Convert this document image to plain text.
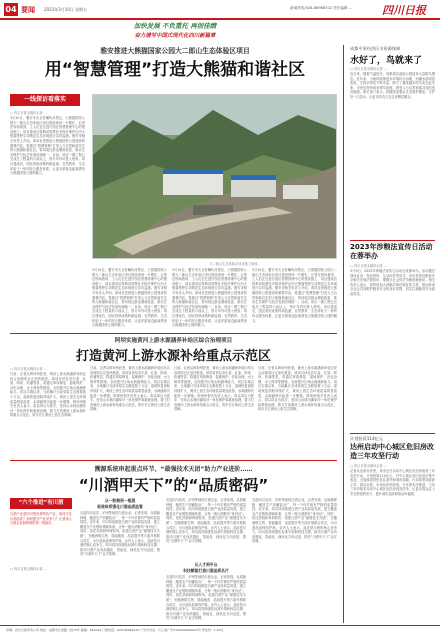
04 要闻 2023年3月10日 星期五	新闻热线/028-86968702 责任编辑 ...	四川日报
加快发展 不负重托 再创佳绩
奋力谱写中国式现代化四川新篇章
雅安推进大熊猫国家公园大二郎山生态体验区项目
用“智慧管理”打造大熊猫和谐社区
一线探访看落实
□ 四川日报全媒体记者 ...
3月10日，雅安市天全县喇叭河景区，大熊猫国家公园大二郎山生态体验区项目建设现场一片繁忙。记者在现场看到，工人们正在进行园区智慧管理中心的建设施工，项目建成后将利用智慧化手段对保护区内大熊猫等野生动物及生态环境进行实时监测。雅安市相关负责人介绍，该项目是推进大熊猫国家公园建设的重要内容，将通过“智慧管理”打造人与自然和谐共生的大熊猫和谐社区，带动周边群众增收致富，推动生态保护与经济发展协调统一。目前，项目一期工程已完成总工程量的六成以上，预计年内可投入使用。项目建成后，园区将形成集科研监测、自然教育、生态体验于一体的综合服务体系，让更多游客近距离感受大熊猫国家公园的魅力。
大二郎山生态体验区项目施工现场。
3月10日，雅安市天全县喇叭河景区，大熊猫国家公园大二郎山生态体验区项目建设现场一片繁忙。记者在现场看到，工人们正在进行园区智慧管理中心的建设施工，项目建成后将利用智慧化手段对保护区内大熊猫等野生动物及生态环境进行实时监测。雅安市相关负责人介绍，该项目是推进大熊猫国家公园建设的重要内容，将通过“智慧管理”打造人与自然和谐共生的大熊猫和谐社区，带动周边群众增收致富，推动生态保护与经济发展协调统一。目前，项目一期工程已完成总工程量的六成以上，预计年内可投入使用。项目建成后，园区将形成集科研监测、自然教育、生态体验于一体的综合服务体系，让更多游客近距离感受大熊猫国家公园的魅力。
3月10日，雅安市天全县喇叭河景区，大熊猫国家公园大二郎山生态体验区项目建设现场一片繁忙。记者在现场看到，工人们正在进行园区智慧管理中心的建设施工，项目建成后将利用智慧化手段对保护区内大熊猫等野生动物及生态环境进行实时监测。雅安市相关负责人介绍，该项目是推进大熊猫国家公园建设的重要内容，将通过“智慧管理”打造人与自然和谐共生的大熊猫和谐社区，带动周边群众增收致富，推动生态保护与经济发展协调统一。目前，项目一期工程已完成总工程量的六成以上，预计年内可投入使用。项目建成后，园区将形成集科研监测、自然教育、生态体验于一体的综合服务体系，让更多游客近距离感受大熊猫国家公园的魅力。
3月10日，雅安市天全县喇叭河景区，大熊猫国家公园大二郎山生态体验区项目建设现场一片繁忙。记者在现场看到，工人们正在进行园区智慧管理中心的建设施工，项目建成后将利用智慧化手段对保护区内大熊猫等野生动物及生态环境进行实时监测。雅安市相关负责人介绍，该项目是推进大熊猫国家公园建设的重要内容，将通过“智慧管理”打造人与自然和谐共生的大熊猫和谐社区，带动周边群众增收致富，推动生态保护与经济发展协调统一。目前，项目一期工程已完成总工程量的六成以上，预计年内可投入使用。项目建成后，园区将形成集科研监测、自然教育、生态体验于一体的综合服务体系，让更多游客近距离感受大熊猫国家公园的魅力。
阿坝实施黄河上游水源涵养补给区综合治理项目
打造黄河上游水源补给重点示范区
□ 四川日报全媒体记者 ...
日前，记者从阿坝州获悉，黄河上游水源涵养补给区综合治理项目正加快推进。该项目涉及若尔盖、红原、阿坝、松潘等县，将通过草原修复、湿地保护、沙化治理、水土保持等措施，全面提升区域水源涵养能力。项目实施以来，当地累计完成草原生态修复数十万亩，湿地恢复面积持续扩大，黄河上游生态环境质量明显改善，水源涵养功能进一步增强。阿坝州相关负责人表示，将以项目为抓手，坚持山水林田湖草沙一体化保护和系统治理，着力打造黄河上游水源补给重点示范区，筑牢长江黄河上游生态屏障。
日前，记者从阿坝州获悉，黄河上游水源涵养补给区综合治理项目正加快推进。该项目涉及若尔盖、红原、阿坝、松潘等县，将通过草原修复、湿地保护、沙化治理、水土保持等措施，全面提升区域水源涵养能力。项目实施以来，当地累计完成草原生态修复数十万亩，湿地恢复面积持续扩大，黄河上游生态环境质量明显改善，水源涵养功能进一步增强。阿坝州相关负责人表示，将以项目为抓手，坚持山水林田湖草沙一体化保护和系统治理，着力打造黄河上游水源补给重点示范区，筑牢长江黄河上游生态屏障。
日前，记者从阿坝州获悉，黄河上游水源涵养补给区综合治理项目正加快推进。该项目涉及若尔盖、红原、阿坝、松潘等县，将通过草原修复、湿地保护、沙化治理、水土保持等措施，全面提升区域水源涵养能力。项目实施以来，当地累计完成草原生态修复数十万亩，湿地恢复面积持续扩大，黄河上游生态环境质量明显改善，水源涵养功能进一步增强。阿坝州相关负责人表示，将以项目为抓手，坚持山水林田湖草沙一体化保护和系统治理，着力打造黄河上游水源补给重点示范区，筑牢长江黄河上游生态屏障。
日前，记者从阿坝州获悉，黄河上游水源涵养补给区综合治理项目正加快推进。该项目涉及若尔盖、红原、阿坝、松潘等县，将通过草原修复、湿地保护、沙化治理、水土保持等措施，全面提升区域水源涵养能力。项目实施以来，当地累计完成草原生态修复数十万亩，湿地恢复面积持续扩大，黄河上游生态环境质量明显改善，水源涵养功能进一步增强。阿坝州相关负责人表示，将以项目为抓手，坚持山水林田湖草沙一体化保护和系统治理，着力打造黄河上游水源补给重点示范区，筑牢长江黄河上游生态屏障。
溯源系统串起重点环节、“最强技术天团”助力产业进阶……
“川酒甲天下”的“品质密码”
“六个推进”有川酒
白酒产业是四川的优势特色产业。如何守住川酒品质？如何提升产业竞争力？记者深入白酒企业和科研机构一线探访。
□ 四川日报全媒体记者 ...
从一粒粮到一瓶酒
标准体系强化川酒品质监管
走进四川宜宾、泸州等地的白酒企业，记者发现，从原粮种植、酿造生产到灌装出厂，每一个环节都有严格的质量管控。近年来，四川持续推进白酒产业高质量发展，建立覆盖全产业链的溯源体系，让每一瓶川酒都有“身份证”。同时，依托高校和科研院所，组建白酒产业“最强技术天团”，在酿酒微生物、智能酿造、品质提升等方面开展联合攻关，为川酒品质保驾护航。业内人士表示，品质是川酒的核心竞争力，四川将持续强化标准引领和科技支撑，推动川酒产业向高端化、智能化、绿色化方向迈进，擦亮“川酒甲天下”金字招牌。
走进四川宜宾、泸州等地的白酒企业，记者发现，从原粮种植、酿造生产到灌装出厂，每一个环节都有严格的质量管控。近年来，四川持续推进白酒产业高质量发展，建立覆盖全产业链的溯源体系，让每一瓶川酒都有“身份证”。同时，依托高校和科研院所，组建白酒产业“最强技术天团”，在酿酒微生物、智能酿造、品质提升等方面开展联合攻关，为川酒品质保驾护航。业内人士表示，品质是川酒的核心竞争力，四川将持续强化标准引领和科技支撑，推动川酒产业向高端化、智能化、绿色化方向迈进，擦亮“川酒甲天下”金字招牌。
从人才到平台
科技赋能打造川酒品质名片
走进四川宜宾、泸州等地的白酒企业，记者发现，从原粮种植、酿造生产到灌装出厂，每一个环节都有严格的质量管控。近年来，四川持续推进白酒产业高质量发展，建立覆盖全产业链的溯源体系，让每一瓶川酒都有“身份证”。同时，依托高校和科研院所，组建白酒产业“最强技术天团”，在酿酒微生物、智能酿造、品质提升等方面开展联合攻关，为川酒品质保驾护航。业内人士表示，品质是川酒的核心竞争力，四川将持续强化标准引领和科技支撑，推动川酒产业向高端化、智能化、绿色化方向迈进，擦亮“川酒甲天下”金字招牌。
走进四川宜宾、泸州等地的白酒企业，记者发现，从原粮种植、酿造生产到灌装出厂，每一个环节都有严格的质量管控。近年来，四川持续推进白酒产业高质量发展，建立覆盖全产业链的溯源体系，让每一瓶川酒都有“身份证”。同时，依托高校和科研院所，组建白酒产业“最强技术天团”，在酿酒微生物、智能酿造、品质提升等方面开展联合攻关，为川酒品质保驾护航。业内人士表示，品质是川酒的核心竞争力，四川将持续强化标准引领和科技支撑，推动川酒产业向高端化、智能化、绿色化方向迈进，擦亮“川酒甲天下”金字招牌。
成都平原经济区水资源保障
水好了，鸟就来了
□ 四川日报全媒体记者 ...
连日来，随着气温回升，成都周边湿地公园迎来大量候鸟栖息。近年来，当地持续推进水环境综合治理，河湖水质明显改善，生物多样性不断丰富，吸引了越来越多的鸟类在此安家。市民们纷纷前来观鸟拍照，感受人与自然和谐共处的美好画面。相关部门表示，将继续加强水生态保护修复，守护好一江清水，让更多的鸟儿在这里栖息繁衍。
2023年涉粮法宣传日活动在蓉举办
□ 四川日报全媒体记者 ...
3月9日，2023年涉粮法宣传日活动在成都举办。活动通过现场宣讲、发放资料、互动问答等形式，向市民普及粮食安全相关法律法规知识，增强全社会依法节粮爱粮意识。相关负责人表示，将持续加大涉粮法律法规宣传力度，推动形成全社会共同维护粮食安全的良好氛围，切实扛稳粮食安全政治责任。
计划投资114亿元
达州启动中心城区危旧房改造三年攻坚行动
□ 四川日报全媒体记者 ...
记者从达州市获悉，该市近日启动中心城区危旧房改造三年攻坚行动，计划投资114亿元，对中心城区危旧房进行集中改造，全面改善居民居住条件和城市面貌。行动将坚持政府主导、群众自愿、市场运作的原则，分年度有序推进，力争三年内基本完成中心城区危旧房改造任务，让更多群众住上安全舒适的房子，提升城市品质和群众幸福感。
印刷：四川日报印务公司 地址：成都市红星路二段70号 邮编：610012 订阅电话：028-86969110 广告许可证：川工商广字5100004000001号 零售价：1.50元
